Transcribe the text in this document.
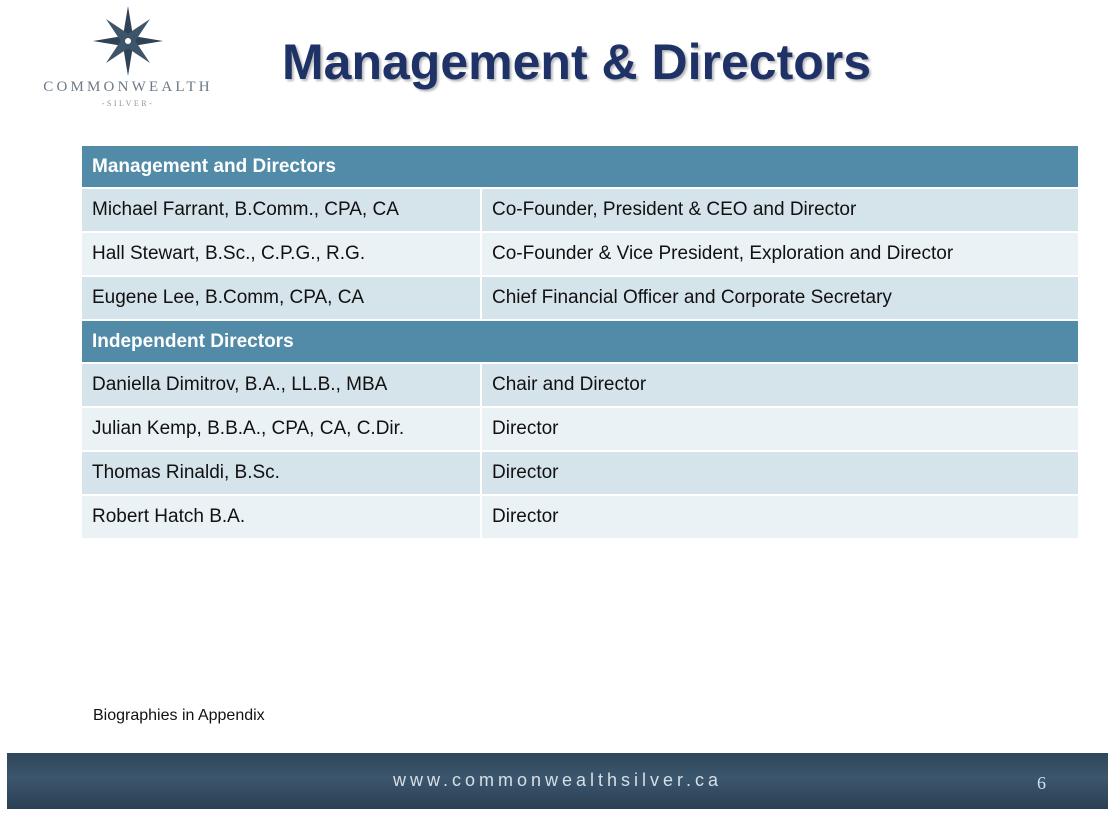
COMMONWEALTH
-SILVER-
Management & Directors
Management and Directors	
Michael Farrant, B.Comm., CPA, CA	Co-Founder, President & CEO and Director
Hall Stewart, B.Sc., C.P.G., R.G.	Co-Founder & Vice President, Exploration and Director
Eugene Lee, B.Comm, CPA, CA	Chief Financial Officer and Corporate Secretary
Independent Directors	
Daniella Dimitrov, B.A., LL.B., MBA	Chair and Director
Julian Kemp, B.B.A., CPA, CA, C.Dir.	Director
Thomas Rinaldi, B.Sc.	Director
Robert Hatch B.A.	Director
Biographies in Appendix
www.commonwealthsilver.ca	6
